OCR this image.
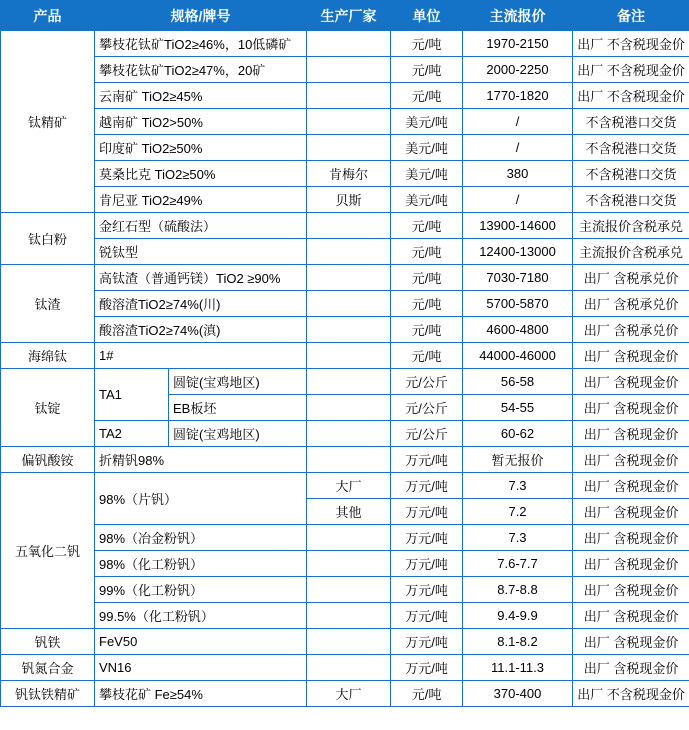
产品	规格/牌号		生产厂家	单位	主流报价	备注
钛精矿	攀枝花钛矿TiO2≥46%，10低磷矿			元/吨	1970-2150	出厂 不含税现金价
	攀枝花钛矿TiO2≥47%，20矿			元/吨	2000-2250	出厂 不含税现金价
	云南矿 TiO2≥45%			元/吨	1770-1820	出厂 不含税现金价
	越南矿 TiO2>50%			美元/吨	/	不含税港口交货
	印度矿 TiO2≥50%			美元/吨	/	不含税港口交货
	莫桑比克 TiO2≥50%		肯梅尔	美元/吨	380	不含税港口交货
	肯尼亚 TiO2≥49%		贝斯	美元/吨	/	不含税港口交货
钛白粉	金红石型（硫酸法）			元/吨	13900-14600	主流报价含税承兑
	锐钛型			元/吨	12400-13000	主流报价含税承兑
钛渣	高钛渣（普通钙镁）TiO2 ≥90%			元/吨	7030-7180	出厂 含税承兑价
	酸溶渣TiO2≥74%(川)			元/吨	5700-5870	出厂 含税承兑价
	酸溶渣TiO2≥74%(滇)			元/吨	4600-4800	出厂 含税承兑价
海绵钛	1#			元/吨	44000-46000	出厂 含税现金价
钛锭	TA1	圆锭(宝鸡地区)		元/公斤	56-58	出厂 含税现金价
		EB板坯		元/公斤	54-55	出厂 含税现金价
	TA2	圆锭(宝鸡地区)		元/公斤	60-62	出厂 含税现金价
偏钒酸铵	折精钒98%			万元/吨	暂无报价	出厂 含税现金价
五氧化二钒	98%（片钒）		大厂	万元/吨	7.3	出厂 含税现金价
			其他	万元/吨	7.2	出厂 含税现金价
	98%（冶金粉钒）			万元/吨	7.3	出厂 含税现金价
	98%（化工粉钒）			万元/吨	7.6-7.7	出厂 含税现金价
	99%（化工粉钒）			万元/吨	8.7-8.8	出厂 含税现金价
	99.5%（化工粉钒）			万元/吨	9.4-9.9	出厂 含税现金价
钒铁	FeV50			万元/吨	8.1-8.2	出厂 含税现金价
钒氮合金	VN16			万元/吨	11.1-11.3	出厂 含税现金价
钒钛铁精矿	攀枝花矿 Fe≥54%		大厂	元/吨	370-400	出厂 不含税现金价
